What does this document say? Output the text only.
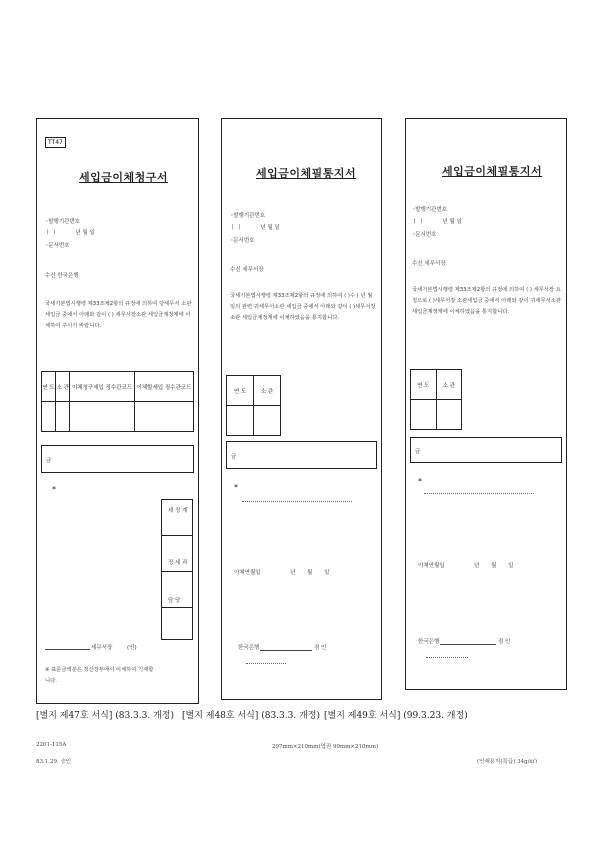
TT47
세입금이체청구서
◦발행기관번호
ㅣ ㅣ	년 월 일
◦문서번호
수신 한국은행
국세기본법시행령 제33조제2항의 규정에 의하여 당세무서 소관 세입금 중에서 아래와 같이 ( ) 세무서장소관 세입금계정계에 이체하여 주시기 바랍니다.
연 도	소 관	이체청구세입 징수관코드	이체할세입 징수관코드

금
*
세 정 계
징 세 과
담 당
세무서장	(인)
※ 표준금액분은 정산장부에서 이체하여 기재합니다.
세입금이체필통지서
◦발행기관번호
ㅣ ㅣ	년 월 일
◦문서번호
수신 세무서장
국세기본법시행령 제33조제2항의 규정에 의하여 ( )수 ( 년 월 일의 관련 귀세무서소관 세입금 중에서 아래와 같이 ( )세무서장소관 세입금계정계에 이체하였음을 통지합니다.
연 도	소 관

금
*
이체연월일	년 월 일
한국은행	점 인
세입금이체필통지서
◦발행기관번호
ㅣ ㅣ	년 월 일
◦문서번호
수신 세무서장
국세기본법시행령 제33조제2항의 규정에 의하여 ( ) 세무서장 요청으로 ( )세무서장 소관세입금 중에서 아래와 같이 귀세무서소관 세입금계정계에 이체하였음을 통지합니다.
연 도	소 관

금
*
이체연월일	년 월 일
한국은행	점 인
[별지 제47호 서식] (83.3.3. 개정) [별지 제48호 서식] (83.3.3. 개정) [별지 제49호 서식] (99.3.23. 개정)
2201-115A
83.1.29. 승인
297mm×210mm(엽권 99mm×210mm)
(인쇄용지(특급) 34g/㎡)
